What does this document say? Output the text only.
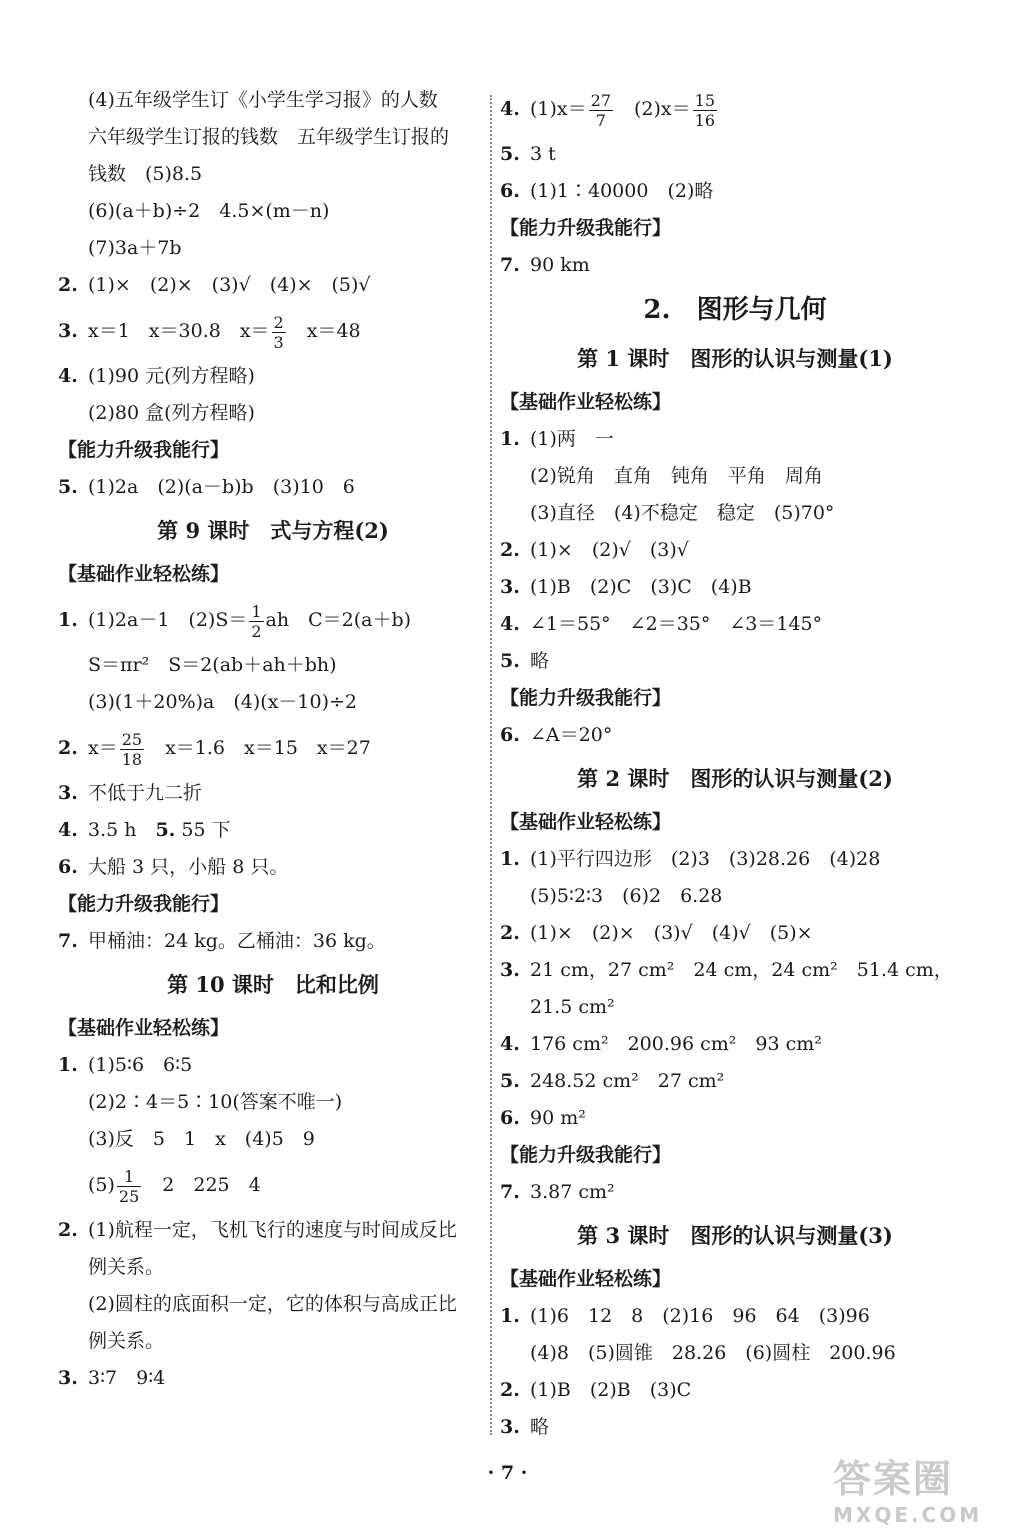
(4)五年级学生订《小学生学习报》的人数
六年级学生订报的钱数　五年级学生订报的
钱数　(5)8.5
(6)(a＋b)÷2　4.5×(m－n)
(7)3a＋7b
2. (1)×　(2)×　(3)√　(4)×　(5)√
3. x＝1　x＝30.8　$x= \frac{2}{3}$ 　x＝48
4. (1)90 元(列方程略)
(2)80 盒(列方程略)
【能力升级我能行】
5. (1)2a　(2)(a－b)b　(3)10　6
第 9 课时　式与方程(2)
【基础作业轻松练】
1. (1)2a－1　$(2)S= \frac{1}{2}$ ah　C＝2(a＋b)
S＝πr²　S＝2(ab＋ah＋bh)
(3)(1＋20%)a　(4)(x－10)÷2
2. $x= \frac{25}{18}$ 　x＝1.6　x＝15　x＝27
3. 不低于九二折
4. 3.5 h　5. 55 下
6. 大船 3 只，小船 8 只。
【能力升级我能行】
7. 甲桶油：24 kg。乙桶油：36 kg。
第 10 课时　比和比例
【基础作业轻松练】
1. (1)5∶6　6∶5
(2)2∶4＝5∶10(答案不唯一)
(3)反　5　1　x　(4)5　9
$(5) \frac{1}{25}$ 　2　225　4
2. (1)航程一定，飞机飞行的速度与时间成反比
例关系。
(2)圆柱的底面积一定，它的体积与高成正比
例关系。
3. 3∶7　9∶4
4. $(1)x= \frac{27}{7}$ 　$(2)x= \frac{15}{16}$
5. 3 t
6. (1)1∶40000　(2)略
【能力升级我能行】
7. 90 km
2.　图形与几何
第 1 课时　图形的认识与测量(1)
【基础作业轻松练】
1. (1)两　一
(2)锐角　直角　钝角　平角　周角
(3)直径　(4)不稳定　稳定　(5)70°
2. (1)×　(2)√　(3)√
3. (1)B　(2)C　(3)C　(4)B
4. ∠1＝55°　∠2＝35°　∠3＝145°
5. 略
【能力升级我能行】
6. ∠A＝20°
第 2 课时　图形的认识与测量(2)
【基础作业轻松练】
1. (1)平行四边形　(2)3　(3)28.26　(4)28
(5)5∶2∶3　(6)2　6.28
2. (1)×　(2)×　(3)√　(4)√　(5)×
3. 21 cm，27 cm²　24 cm，24 cm²　51.4 cm，
21.5 cm²
4. 176 cm²　200.96 cm²　93 cm²
5. 248.52 cm²　27 cm²
6. 90 m²
【能力升级我能行】
7. 3.87 cm²
第 3 课时　图形的认识与测量(3)
【基础作业轻松练】
1. (1)6　12　8　(2)16　96　64　(3)96
(4)8　(5)圆锥　28.26　(6)圆柱　200.96
2. (1)B　(2)B　(3)C
3. 略
· 7 ·	答案圈
MXQE.COM
